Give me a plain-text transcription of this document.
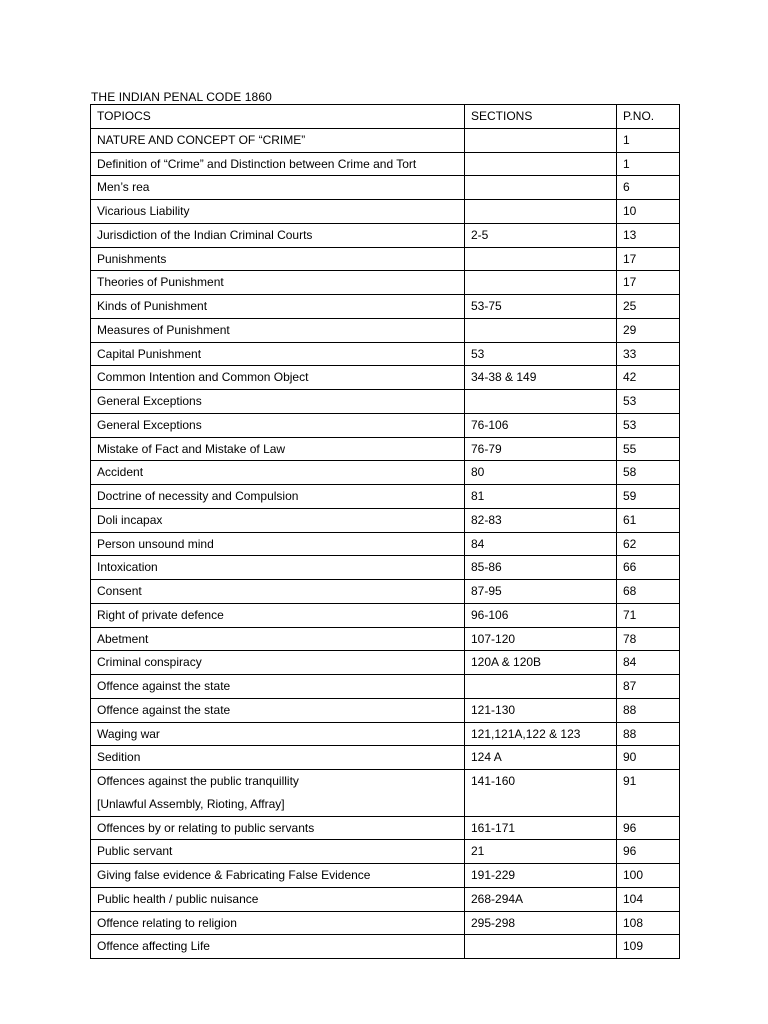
THE INDIAN PENAL CODE 1860
TOPIOCS	SECTIONS	P.NO.
NATURE AND CONCEPT OF “CRIME”		1
Definition of “Crime” and Distinction between Crime and Tort		1
Men’s rea		6
Vicarious Liability		10
Jurisdiction of the Indian Criminal Courts	2-5	13
Punishments		17
Theories of Punishment		17
Kinds of Punishment	53-75	25
Measures of Punishment		29
Capital Punishment	53	33
Common Intention and Common Object	34-38 & 149	42
General Exceptions		53
General Exceptions	76-106	53
Mistake of Fact and Mistake of Law	76-79	55
Accident	80	58
Doctrine of necessity and Compulsion	81	59
Doli incapax	82-83	61
Person unsound mind	84	62
Intoxication	85-86	66
Consent	87-95	68
Right of private defence	96-106	71
Abetment	107-120	78
Criminal conspiracy	120A & 120B	84
Offence against the state		87
Offence against the state	121-130	88
Waging war	121,121A,122 & 123	88
Sedition	124 A	90

Offences against the public tranquillity
[Unlawful Assembly, Rioting, Affray]	141-160	91
Offences by or relating to public servants	161-171	96
Public servant	21	96
Giving false evidence & Fabricating False Evidence	191-229	100
Public health / public nuisance	268-294A	104
Offence relating to religion	295-298	108
Offence affecting Life		109
